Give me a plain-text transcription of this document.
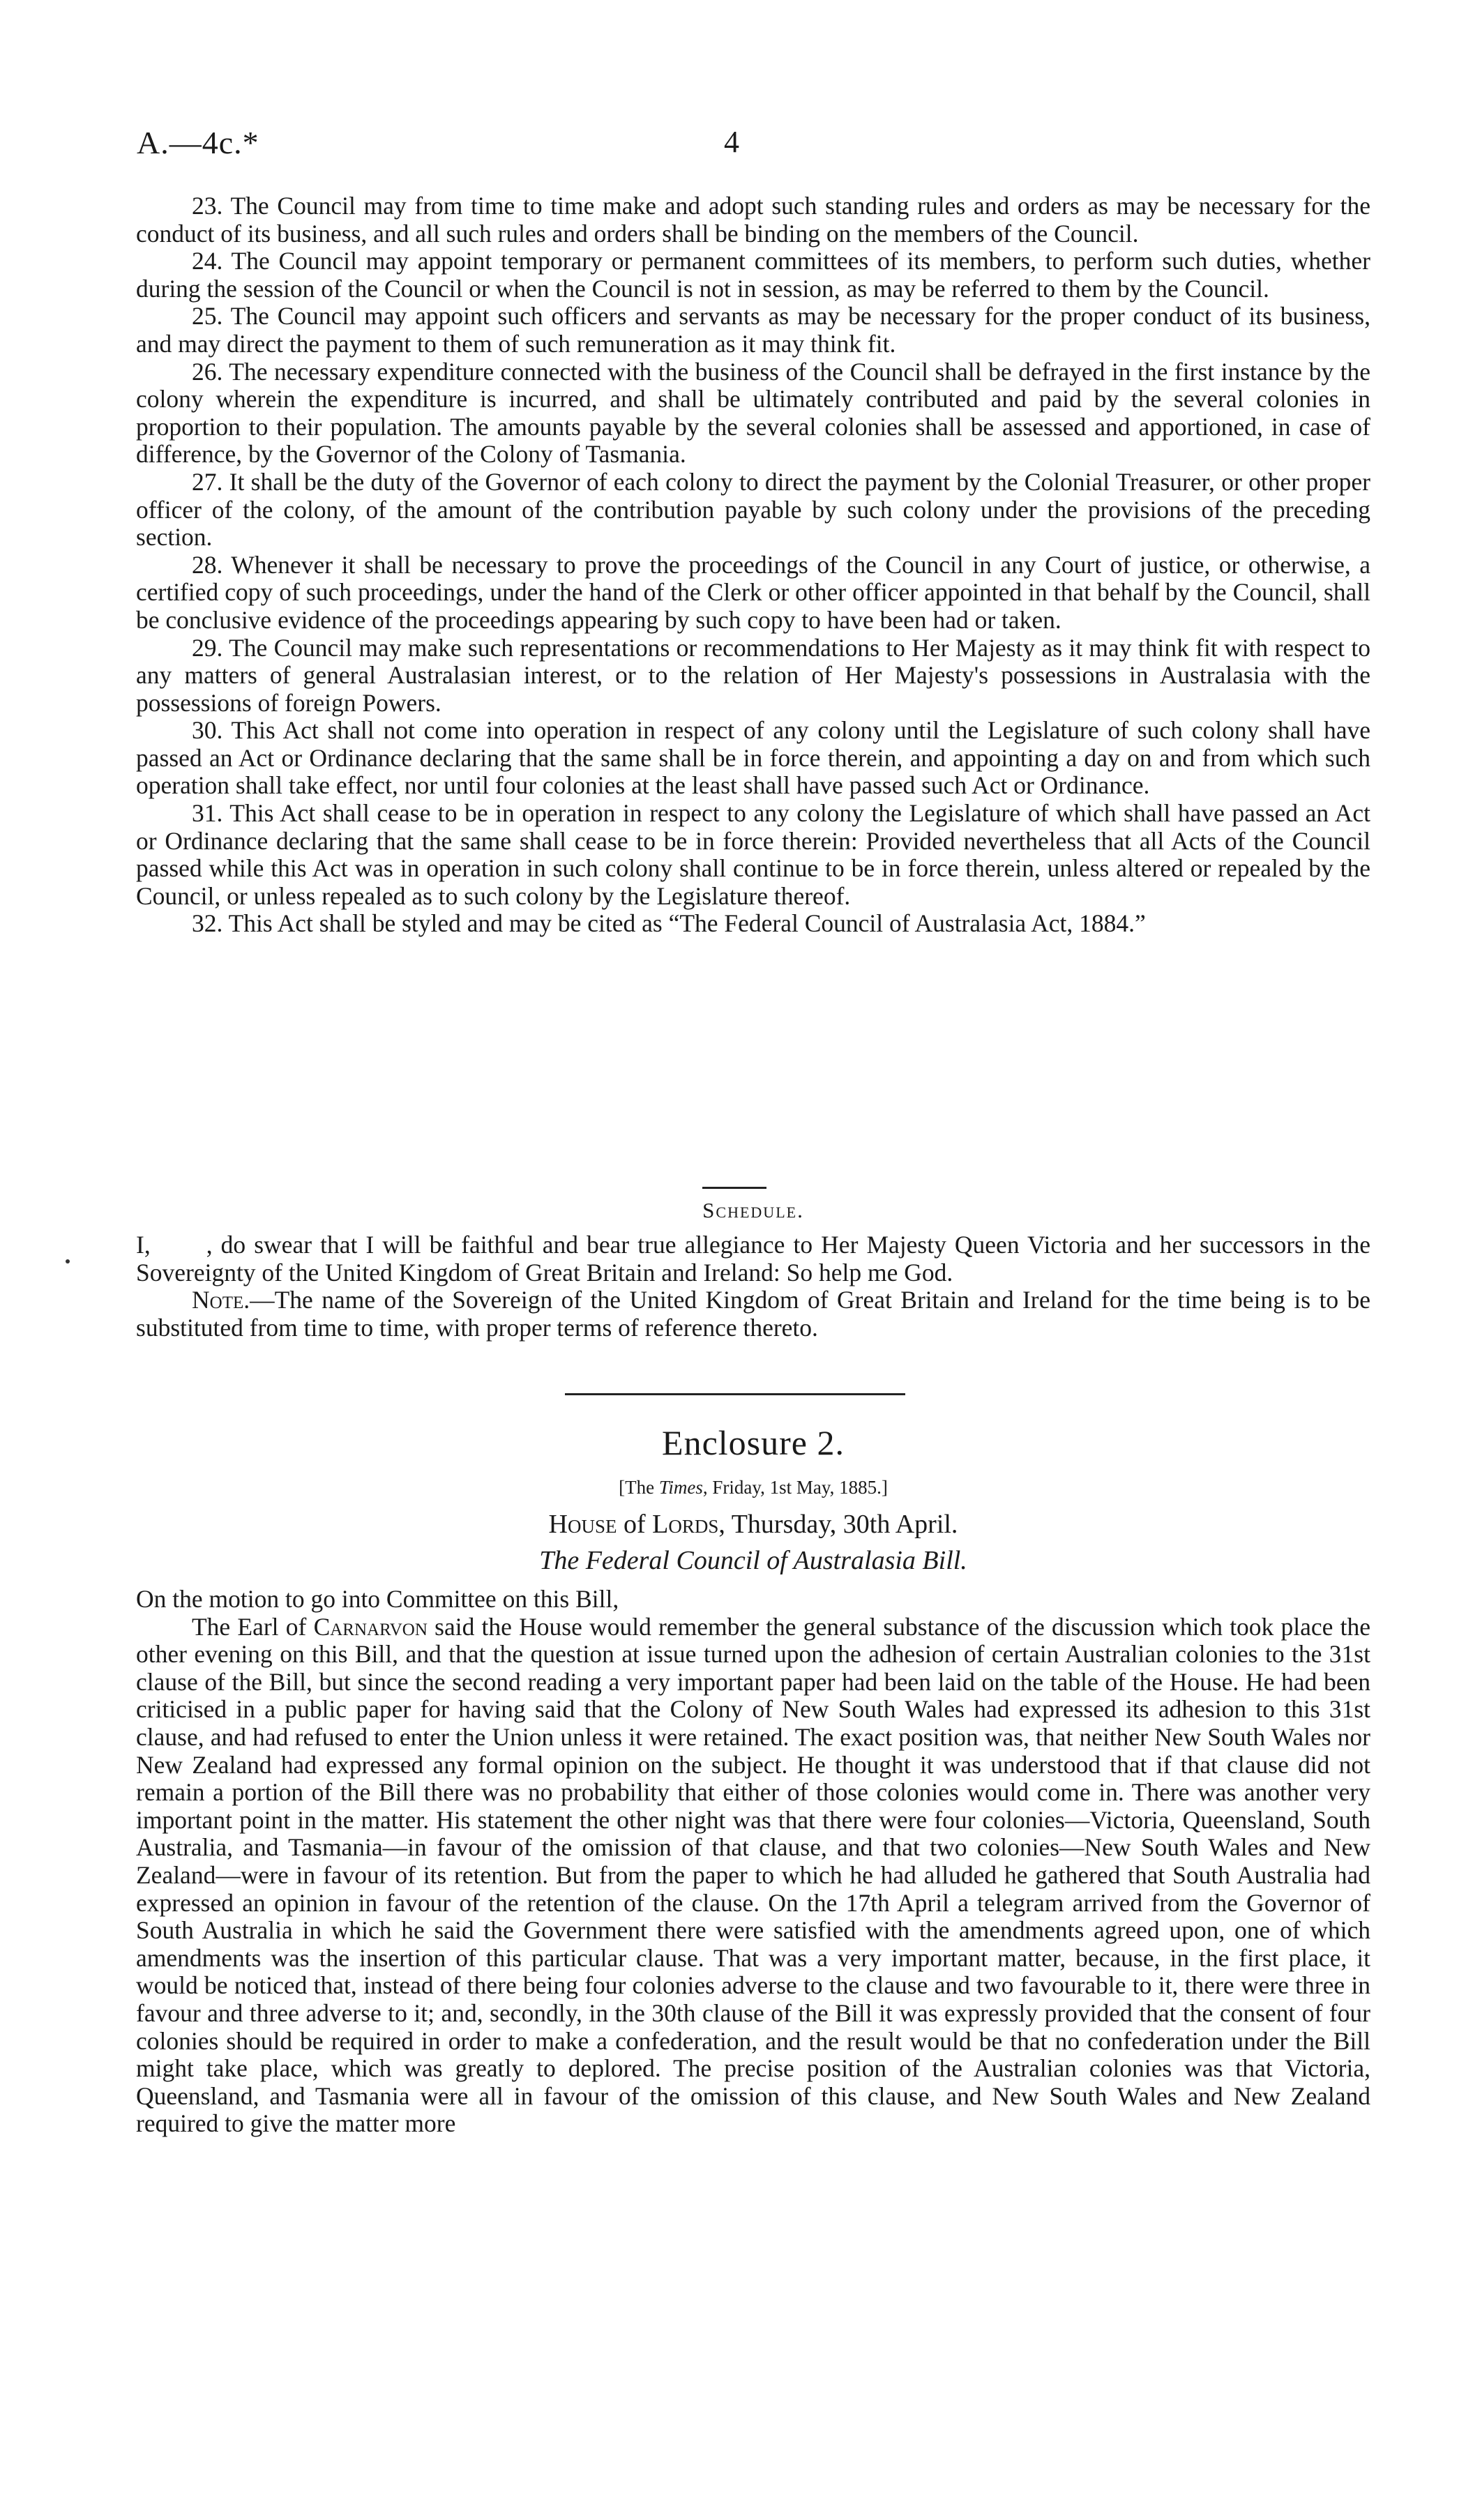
A.—4c.*	4

23. The Council may from time to time make and adopt such standing rules and orders as may be necessary for the conduct of its business, and all such rules and orders shall be binding on the members of the Council.

24. The Council may appoint temporary or permanent committees of its members, to perform such duties, whether during the session of the Council or when the Council is not in session, as may be referred to them by the Council.

25. The Council may appoint such officers and servants as may be necessary for the proper conduct of its business, and may direct the payment to them of such remuneration as it may think fit.

26. The necessary expenditure connected with the business of the Council shall be defrayed in the first instance by the colony wherein the expenditure is incurred, and shall be ultimately contributed and paid by the several colonies in proportion to their population. The amounts payable by the several colonies shall be assessed and apportioned, in case of difference, by the Governor of the Colony of Tasmania.

27. It shall be the duty of the Governor of each colony to direct the payment by the Colonial Treasurer, or other proper officer of the colony, of the amount of the contribution payable by such colony under the provisions of the preceding section.

28. Whenever it shall be necessary to prove the proceedings of the Council in any Court of justice, or otherwise, a certified copy of such proceedings, under the hand of the Clerk or other officer appointed in that behalf by the Council, shall be conclusive evidence of the proceedings appearing by such copy to have been had or taken.

29. The Council may make such representations or recommendations to Her Majesty as it may think fit with respect to any matters of general Australasian interest, or to the relation of Her Majesty's possessions in Australasia with the possessions of foreign Powers.

30. This Act shall not come into operation in respect of any colony until the Legislature of such colony shall have passed an Act or Ordinance declaring that the same shall be in force therein, and appointing a day on and from which such operation shall take effect, nor until four colonies at the least shall have passed such Act or Ordinance.

31. This Act shall cease to be in operation in respect to any colony the Legislature of which shall have passed an Act or Ordinance declaring that the same shall cease to be in force therein: Provided nevertheless that all Acts of the Council passed while this Act was in operation in such colony shall continue to be in force therein, unless altered or repealed by the Council, or unless repealed as to such colony by the Legislature thereof.

32. This Act shall be styled and may be cited as “The Federal Council of Australasia Act, 1884.”

Schedule.

I, , do swear that I will be faithful and bear true allegiance to Her Majesty Queen Victoria and her successors in the Sovereignty of the United Kingdom of Great Britain and Ireland: So help me God.

Note.—The name of the Sovereign of the United Kingdom of Great Britain and Ireland for the time being is to be substituted from time to time, with proper terms of reference thereto.

Enclosure 2.
[The Times, Friday, 1st May, 1885.]
House of Lords, Thursday, 30th April.
The Federal Council of Australasia Bill.

On the motion to go into Committee on this Bill,

The Earl of Carnarvon said the House would remember the general substance of the discussion which took place the other evening on this Bill, and that the question at issue turned upon the adhesion of certain Australian colonies to the 31st clause of the Bill, but since the second reading a very important paper had been laid on the table of the House. He had been criticised in a public paper for having said that the Colony of New South Wales had expressed its adhesion to this 31st clause, and had refused to enter the Union unless it were retained. The exact position was, that neither New South Wales nor New Zealand had expressed any formal opinion on the subject. He thought it was understood that if that clause did not remain a portion of the Bill there was no probability that either of those colonies would come in. There was another very important point in the matter. His statement the other night was that there were four colonies—Victoria, Queensland, South Australia, and Tasmania—in favour of the omission of that clause, and that two colonies—New South Wales and New Zealand—were in favour of its retention. But from the paper to which he had alluded he gathered that South Australia had expressed an opinion in favour of the retention of the clause. On the 17th April a telegram arrived from the Governor of South Australia in which he said the Government there were satisfied with the amendments agreed upon, one of which amendments was the insertion of this particular clause. That was a very important matter, because, in the first place, it would be noticed that, instead of there being four colonies adverse to the clause and two favourable to it, there were three in favour and three adverse to it; and, secondly, in the 30th clause of the Bill it was expressly provided that the consent of four colonies should be required in order to make a confederation, and the result would be that no confederation under the Bill might take place, which was greatly to deplored. The precise position of the Australian colonies was that Victoria, Queensland, and Tasmania were all in favour of the omission of this clause, and New South Wales and New Zealand required to give the matter more
